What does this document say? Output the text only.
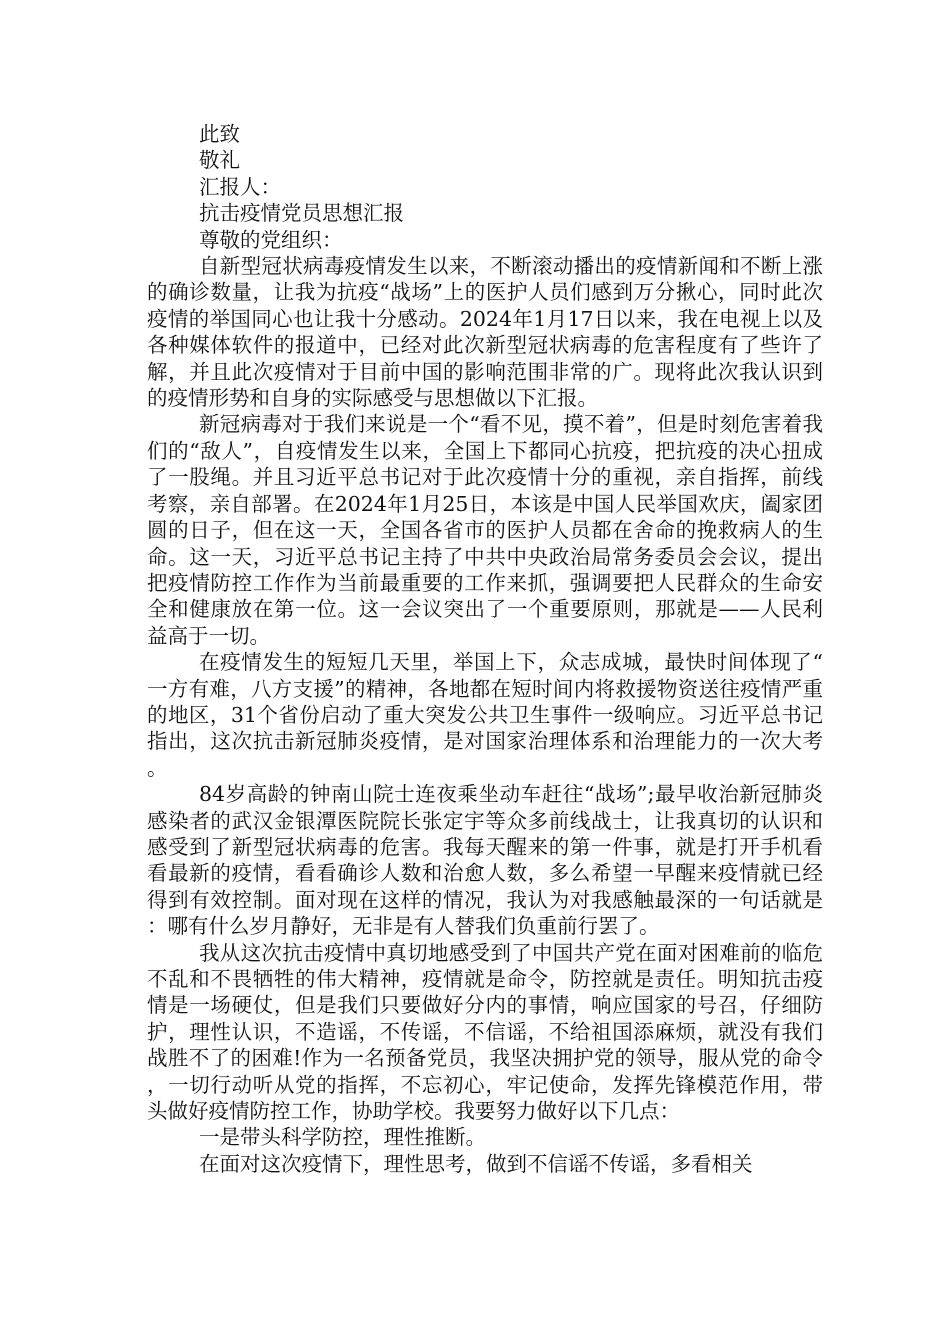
此致
敬礼
汇报人：
抗击疫情党员思想汇报
尊敬的党组织：

自新型冠状病毒疫情发生以来，不断滚动播出的疫情新闻和不断上涨的确诊数量，让我为抗疫“战场”上的医护人员们感到万分揪心，同时此次疫情的举国同心也让我十分感动。2024年1月17日以来，我在电视上以及各种媒体软件的报道中，已经对此次新型冠状病毒的危害程度有了些许了解，并且此次疫情对于目前中国的影响范围非常的广。现将此次我认识到的疫情形势和自身的实际感受与思想做以下汇报。

新冠病毒对于我们来说是一个“看不见，摸不着”，但是时刻危害着我们的“敌人”，自疫情发生以来，全国上下都同心抗疫，把抗疫的决心扭成了一股绳。并且习近平总书记对于此次疫情十分的重视，亲自指挥，前线考察，亲自部署。在2024年1月25日，本该是中国人民举国欢庆，阖家团圆的日子，但在这一天，全国各省市的医护人员都在舍命的挽救病人的生命。这一天，习近平总书记主持了中共中央政治局常务委员会会议，提出把疫情防控工作作为当前最重要的工作来抓，强调要把人民群众的生命安全和健康放在第一位。这一会议突出了一个重要原则，那就是——人民利益高于一切。

在疫情发生的短短几天里，举国上下，众志成城，最快时间体现了“一方有难，八方支援”的精神，各地都在短时间内将救援物资送往疫情严重的地区，31个省份启动了重大突发公共卫生事件一级响应。习近平总书记指出，这次抗击新冠肺炎疫情，是对国家治理体系和治理能力的一次大考。

84岁高龄的钟南山院士连夜乘坐动车赶往“战场”;最早收治新冠肺炎感染者的武汉金银潭医院院长张定宇等众多前线战士，让我真切的认识和感受到了新型冠状病毒的危害。我每天醒来的第一件事，就是打开手机看看最新的疫情，看看确诊人数和治愈人数，多么希望一早醒来疫情就已经得到有效控制。面对现在这样的情况，我认为对我感触最深的一句话就是：哪有什么岁月静好，无非是有人替我们负重前行罢了。

我从这次抗击疫情中真切地感受到了中国共产党在面对困难前的临危不乱和不畏牺牲的伟大精神，疫情就是命令，防控就是责任。明知抗击疫情是一场硬仗，但是我们只要做好分内的事情，响应国家的号召，仔细防护，理性认识，不造谣，不传谣，不信谣，不给祖国添麻烦，就没有我们战胜不了的困难!作为一名预备党员，我坚决拥护党的领导，服从党的命令，一切行动听从党的指挥，不忘初心，牢记使命，发挥先锋模范作用，带头做好疫情防控工作，协助学校。我要努力做好以下几点：

一是带头科学防控，理性推断。

在面对这次疫情下，理性思考，做到不信谣不传谣，多看相关
